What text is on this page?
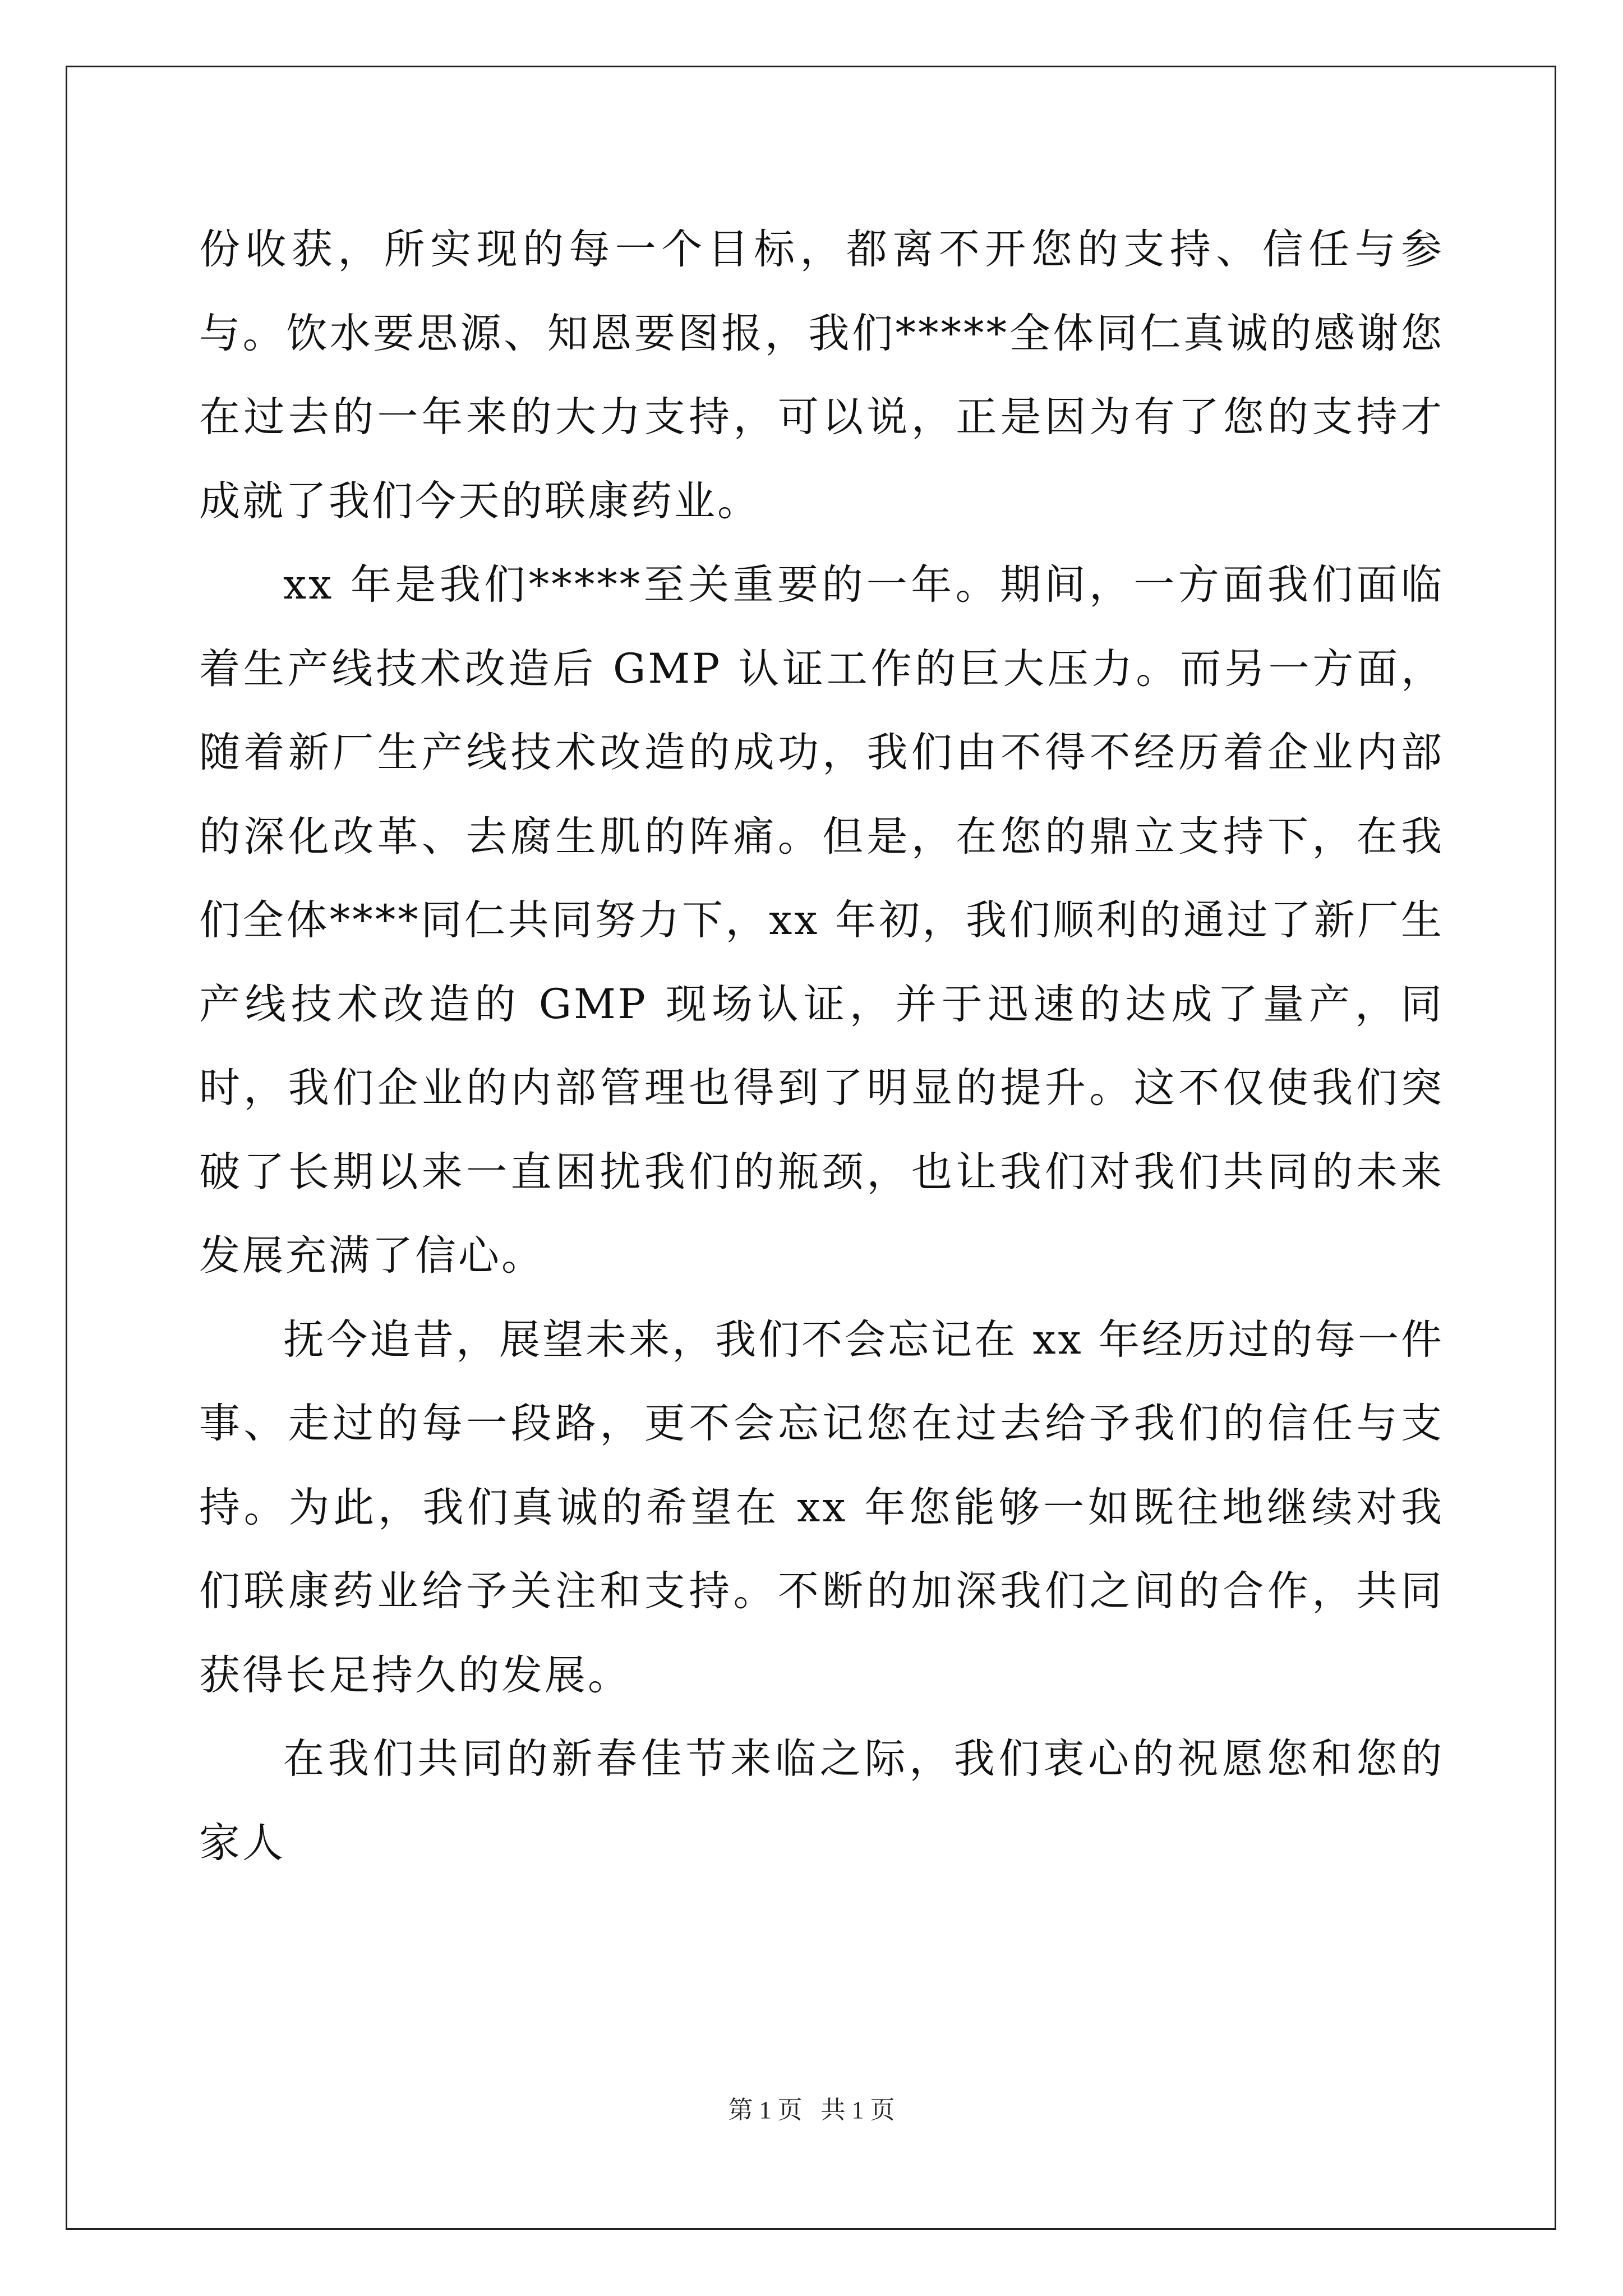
份收获，所实现的每一个目标，都离不开您的支持、信任与参与。饮水要思源、知恩要图报，我们*****全体同仁真诚的感谢您在过去的一年来的大力支持，可以说，正是因为有了您的支持才成就了我们今天的联康药业。

xx 年是我们*****至关重要的一年。期间，一方面我们面临着生产线技术改造后 GMP 认证工作的巨大压力。而另一方面，随着新厂生产线技术改造的成功，我们由不得不经历着企业内部的深化改革、去腐生肌的阵痛。但是，在您的鼎立支持下，在我们全体****同仁共同努力下，xx 年初，我们顺利的通过了新厂生产线技术改造的 GMP 现场认证，并于迅速的达成了量产，同时，我们企业的内部管理也得到了明显的提升。这不仅使我们突破了长期以来一直困扰我们的瓶颈，也让我们对我们共同的未来发展充满了信心。

抚今追昔，展望未来，我们不会忘记在 xx 年经历过的每一件事、走过的每一段路，更不会忘记您在过去给予我们的信任与支持。为此，我们真诚的希望在 xx 年您能够一如既往地继续对我们联康药业给予关注和支持。不断的加深我们之间的合作，共同获得长足持久的发展。

在我们共同的新春佳节来临之际，我们衷心的祝愿您和您的家人

第 1 页   共 1 页
